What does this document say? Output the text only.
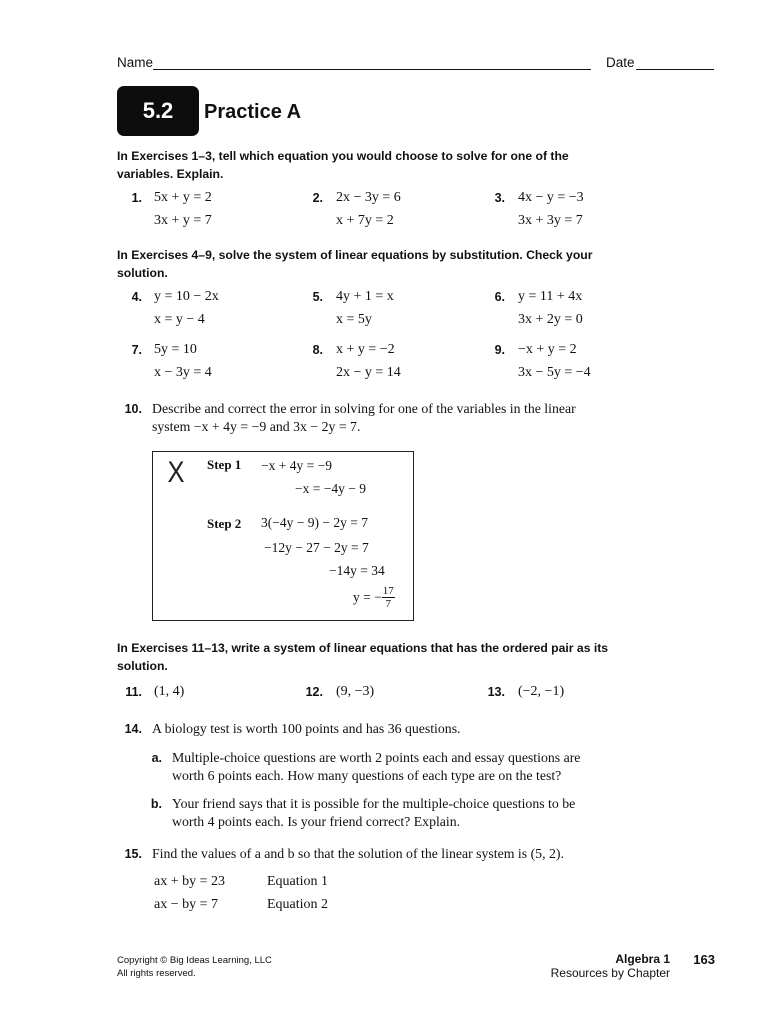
Name	Date
5.2	Practice A
In Exercises 1–3, tell which equation you would choose to solve for one of the variables. Explain.
1. 5x + y = 2
3x + y = 7
2. 2x − 3y = 6
x + 7y = 2
3. 4x − y = −3
3x + 3y = 7
In Exercises 4–9, solve the system of linear equations by substitution. Check your solution.
4. y = 10 − 2x
x = y − 4
5. 4y + 1 = x
x = 5y
6. y = 11 + 4x
3x + 2y = 0
7. 5y = 10
x − 3y = 4
8. x + y = −2
2x − y = 14
9. −x + y = 2
3x − 5y = −4
10. Describe and correct the error in solving for one of the variables in the linear system −x + 4y = −9 and 3x − 2y = 7.
X Step 1 −x + 4y = −9
−x = −4y − 9
Step 2 3(−4y − 9) − 2y = 7
−12y − 27 − 2y = 7
−14y = 34
y = − $\frac{17}{7}$
In Exercises 11–13, write a system of linear equations that has the ordered pair as its solution.
11. (1, 4)	12. (9, −3)	13. (−2, −1)
14. A biology test is worth 100 points and has 36 questions.
a. Multiple-choice questions are worth 2 points each and essay questions are worth 6 points each. How many questions of each type are on the test?
b. Your friend says that it is possible for the multiple-choice questions to be worth 4 points each. Is your friend correct? Explain.
15. Find the values of a and b so that the solution of the linear system is (5, 2).
ax + by = 23	Equation 1
ax − by = 7	Equation 2
Copyright © Big Ideas Learning, LLC
All rights reserved.
Algebra 1
Resources by Chapter
163
